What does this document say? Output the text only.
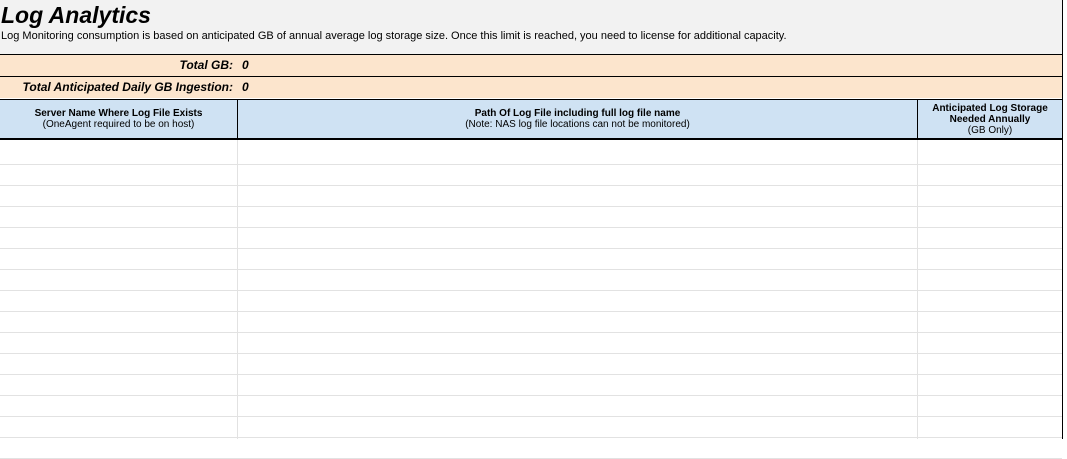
Log Analytics
Log Monitoring consumption is based on anticipated GB of annual average log storage size. Once this limit is reached, you need to license for additional capacity.
Total GB: 0
Total Anticipated Daily GB Ingestion: 0
Server Name Where Log File Exists
(OneAgent required to be on host)
Path Of Log File including full log file name
(Note: NAS log file locations can not be monitored)
Anticipated Log Storage Needed Annually
(GB Only)
